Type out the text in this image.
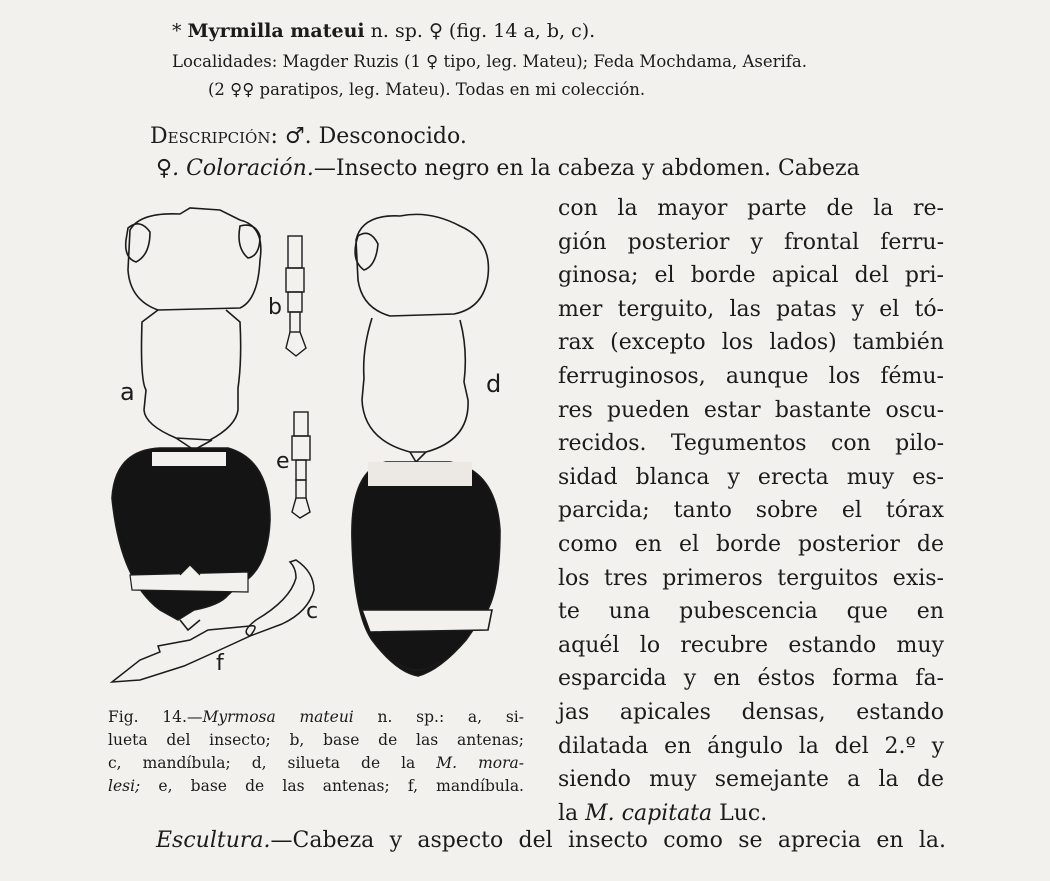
* Myrmilla mateui n. sp. ♀ (fig. 14 a, b, c).
Localidades: Magder Ruzis (1 ♀ tipo, leg. Mateu); Feda Mochdama, Aserifa.
(2 ♀♀ paratipos, leg. Mateu). Todas en mi colección.
Descripción: ♂. Desconocido.
♀. Coloración.—Insecto negro en la cabeza y abdomen. Cabeza
con la mayor parte de la re-
gión posterior y frontal ferru-
ginosa; el borde apical del pri-
mer terguito, las patas y el tó-
rax (excepto los lados) también
ferruginosos, aunque los fému-
res pueden estar bastante oscu-
recidos. Tegumentos con pilo-
sidad blanca y erecta muy es-
parcida; tanto sobre el tórax
como en el borde posterior de
los tres primeros terguitos exis-
te una pubescencia que en
aquél lo recubre estando muy
esparcida y en éstos forma fa-
jas apicales densas, estando
dilatada en ángulo la del 2.º y
siendo muy semejante a la de
la M. capitata Luc.
a
b
e
d
c
f
Fig. 14.—Myrmosa mateui n. sp.: a, si-
lueta del insecto; b, base de las antenas;
c, mandíbula; d, silueta de la M. mora-
lesi; e, base de las antenas; f, mandíbula.
Escultura.—Cabeza y aspecto del insecto como se aprecia en la.
